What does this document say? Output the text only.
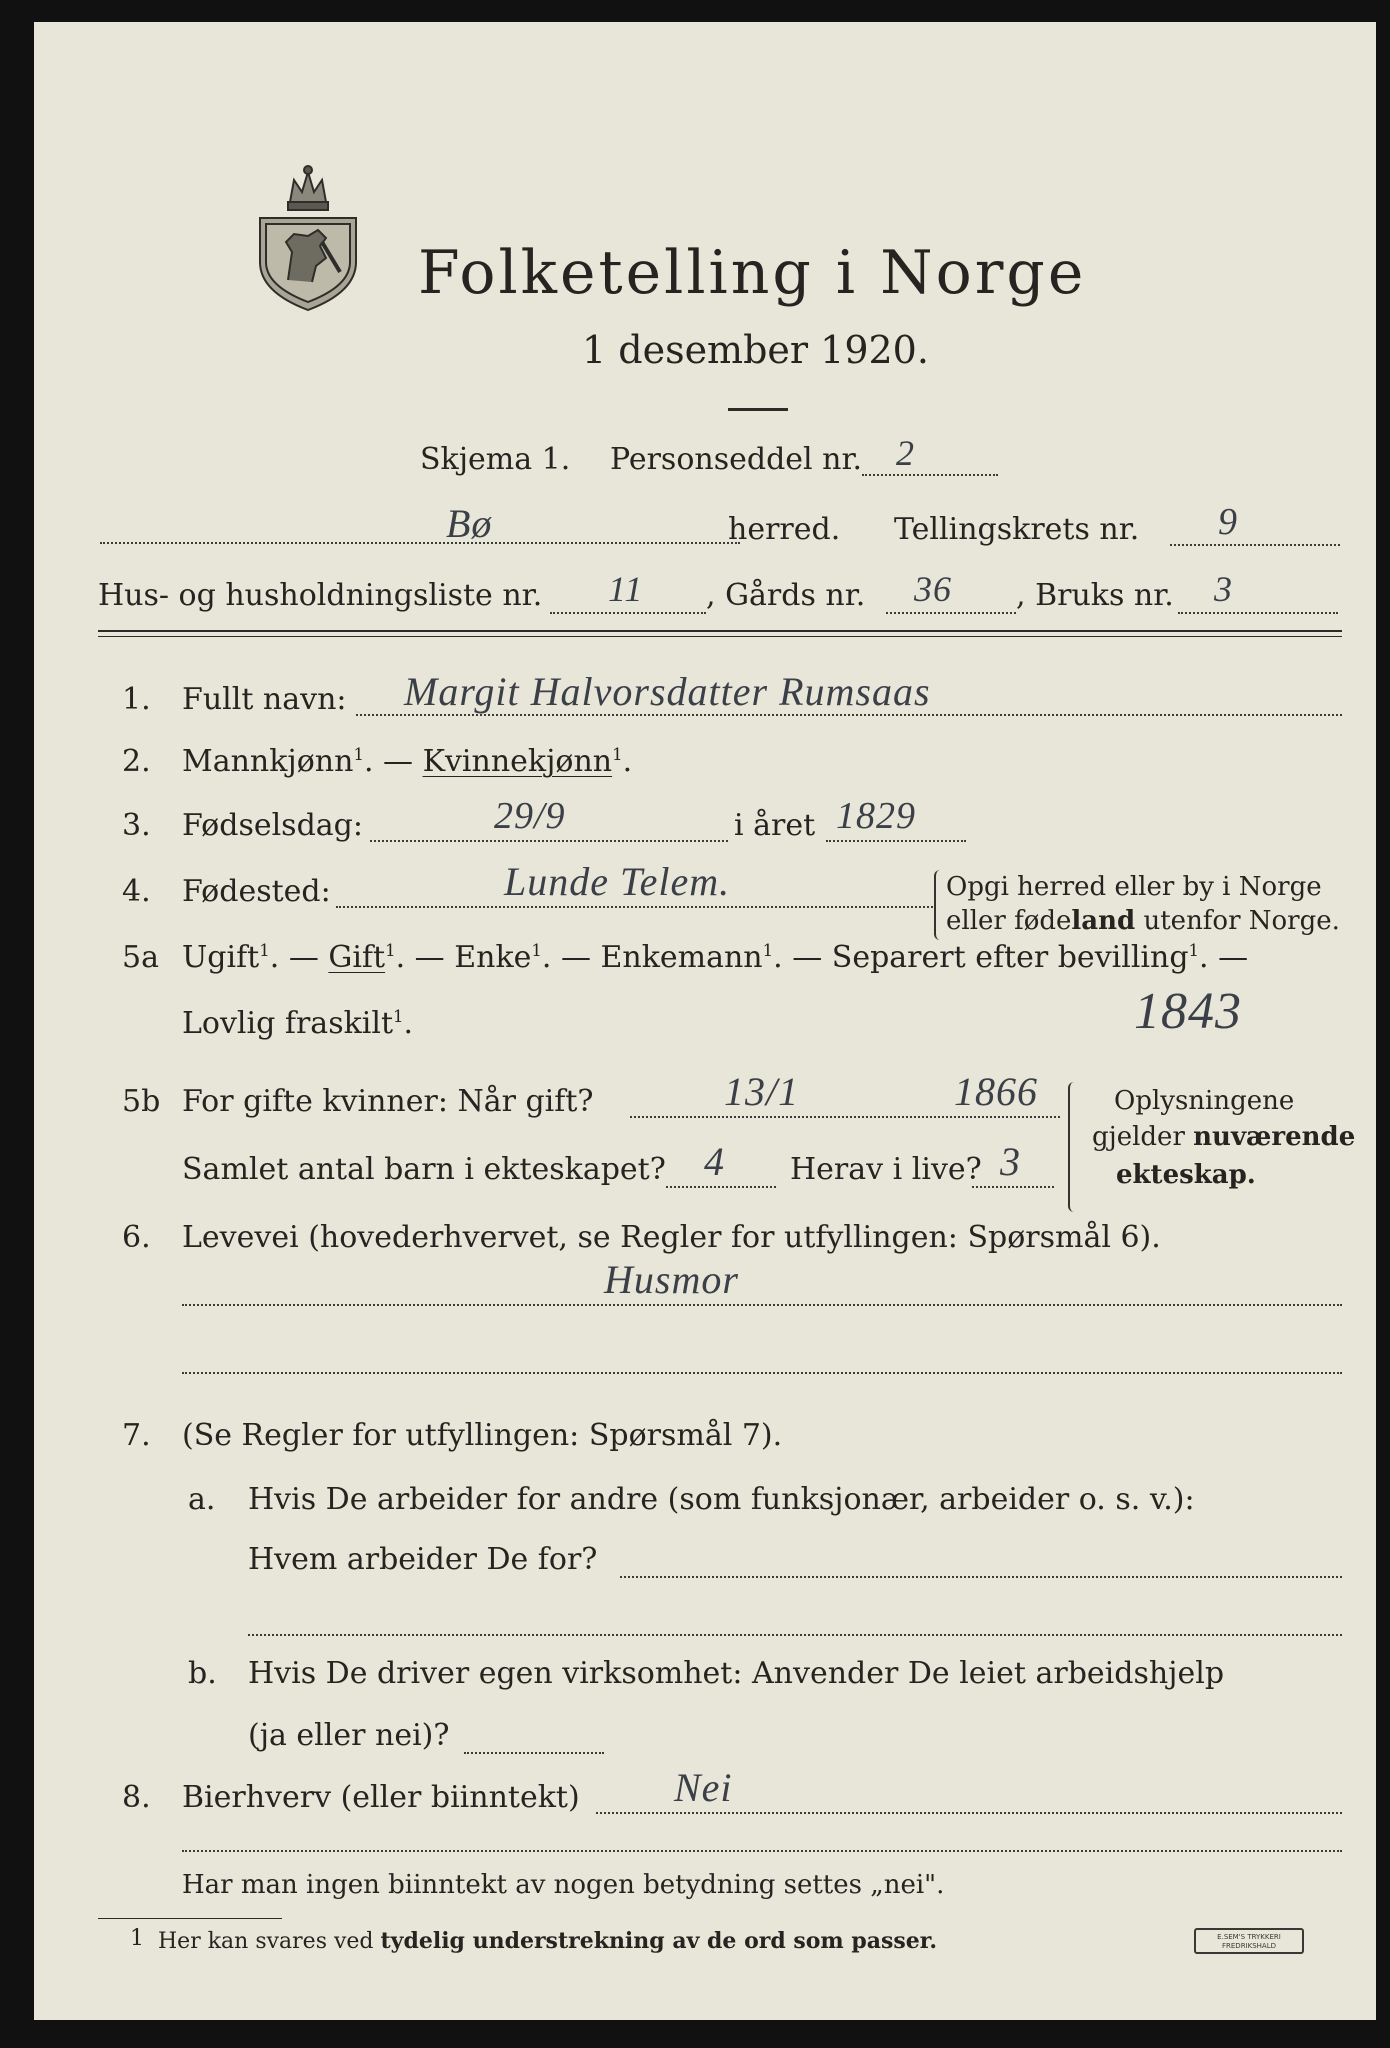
Folketelling i Norge
1 desember 1920.
Skjema 1. Personseddel nr. 2
Bø	herred. Tellingskrets nr. 9
Hus- og husholdningsliste nr. 11 , Gårds nr. 36 , Bruks nr. 3
1. Fullt navn: Margit Halvorsdatter Rumsaas
2. Mannkjønn$^1$. — Kvinnekjønn$^1$.
3. Fødselsdag:	29/9	i året 1829
4. Fødested:	Lunde Telem.	Opgi herred eller by i Norge
eller fødeland utenfor Norge.
5a Ugift$^1$. — Gift$^1$. — Enke$^1$. — Enkemann$^1$. — Separert efter bevilling$^1$. —
Lovlig fraskilt$^1$.	1843
5b For gifte kvinner: Når gift?	13/1	1866
Samlet antal barn i ekteskapet? 4 Herav i live? 3
Oplysningene
gjelder nuværende
ekteskap.
6. Levevei (hovederhvervet, se Regler for utfyllingen: Spørsmål 6).
Husmor
7. (Se Regler for utfyllingen: Spørsmål 7).
a. Hvis De arbeider for andre (som funksjonær, arbeider o. s. v.):
Hvem arbeider De for?
b. Hvis De driver egen virksomhet: Anvender De leiet arbeidshjelp
(ja eller nei)?
8. Bierhverv (eller biinntekt) Nei
Har man ingen biinntekt av nogen betydning settes „nei".
1 Her kan svares ved tydelig understrekning av de ord som passer.	E.SEM'S TRYKKERI FREDRIKSHALD
